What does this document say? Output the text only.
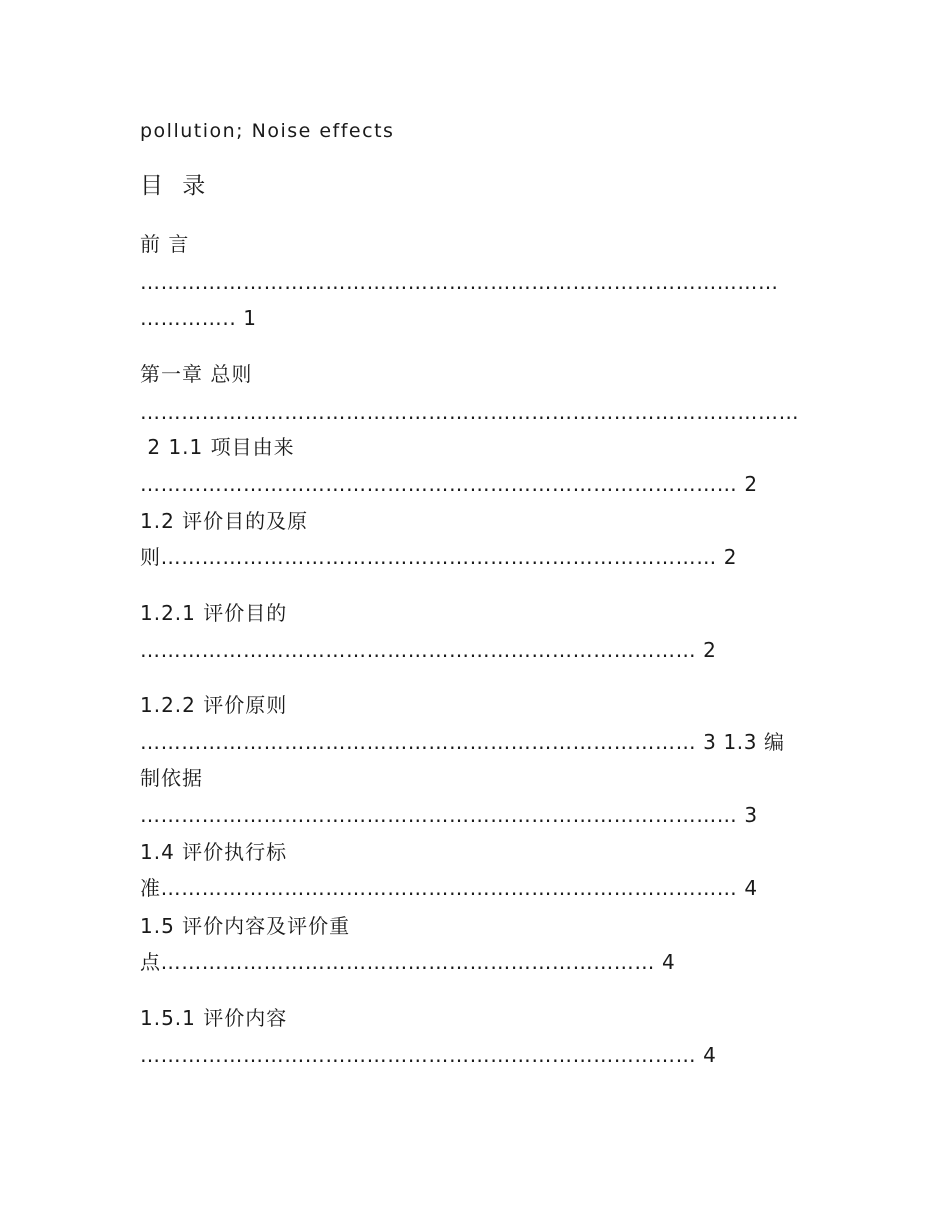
pollution; Noise effects

目 录

前 言

…………………………………………………………………………………

………….. 1

第一章 总则

……………………………………………………………………………………

2 1.1 项目由来

…………………………………………………………………………… 2

1.2 评价目的及原

则……………………………………………………………………… 2

1.2.1 评价目的

……………………………………………………………………… 2

1.2.2 评价原则

……………………………………………………………………… 3 1.3 编

制依据

…………………………………………………………………………… 3

1.4 评价执行标

准………………………………………………………………………… 4

1.5 评价内容及评价重

点……………………………………………………………… 4

1.5.1 评价内容

……………………………………………………………………… 4
